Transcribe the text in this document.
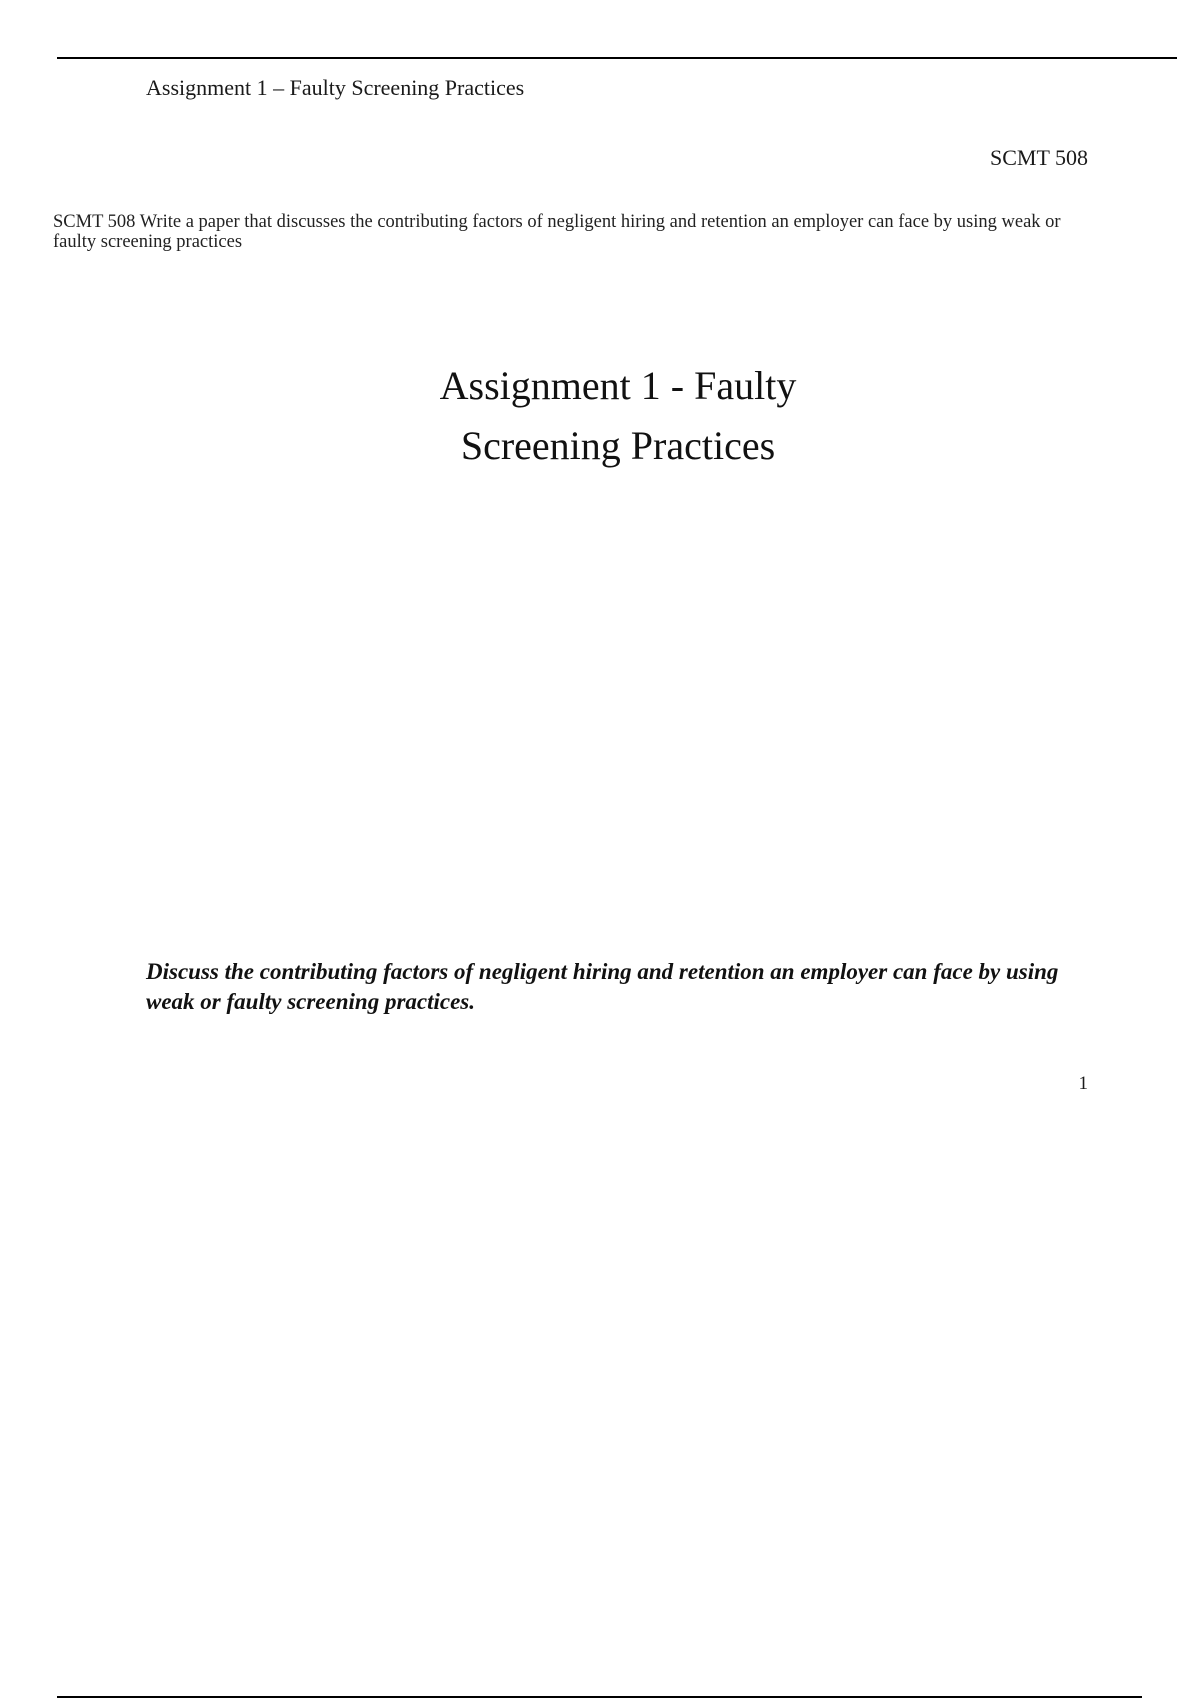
Assignment 1 – Faulty Screening Practices
SCMT 508
SCMT 508 Write a paper that discusses the contributing factors of negligent hiring and retention an employer can face by using weak or faulty screening practices
Assignment 1 - Faulty
Screening Practices
Discuss the contributing factors of negligent hiring and retention an employer can face by using weak or faulty screening practices.
1
